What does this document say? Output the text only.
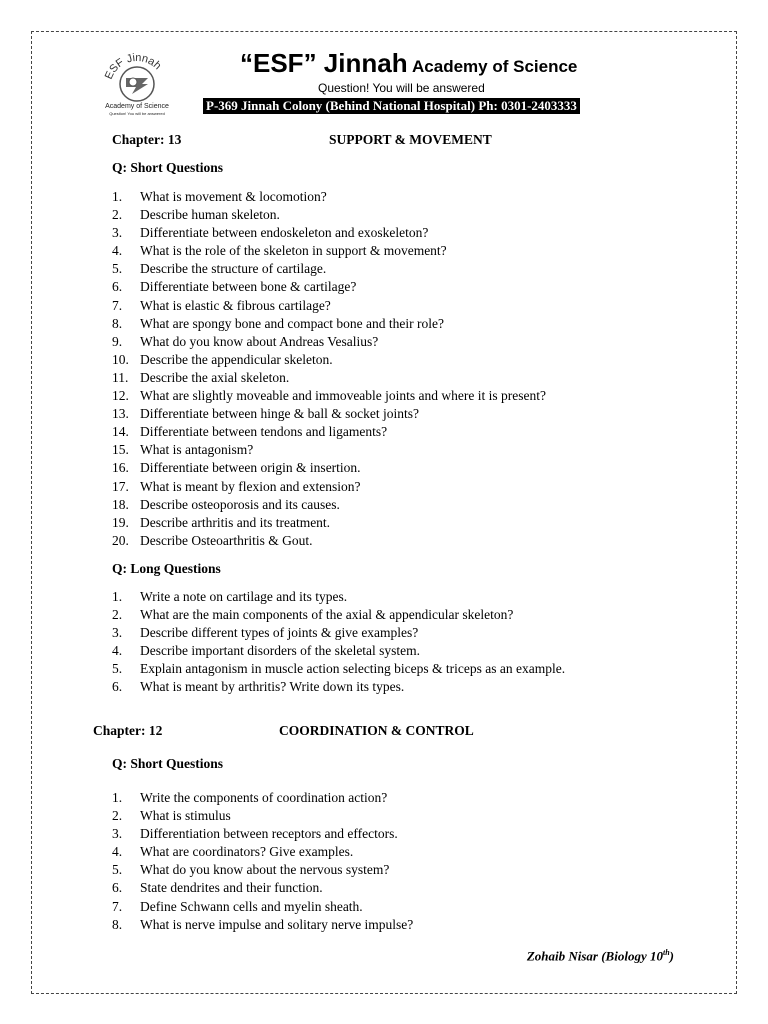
ESF Jinnah
Academy of Science
Question! You will be answered
“ESF” Jinnah Academy of Science
Question! You will be answered
P-369 Jinnah Colony (Behind National Hospital) Ph: 0301-2403333
Chapter: 13	SUPPORT & MOVEMENT
Q: Short Questions
1. What is movement & locomotion?
2. Describe human skeleton.
3. Differentiate between endoskeleton and exoskeleton?
4. What is the role of the skeleton in support & movement?
5. Describe the structure of cartilage.
6. Differentiate between bone & cartilage?
7. What is elastic & fibrous cartilage?
8. What are spongy bone and compact bone and their role?
9. What do you know about Andreas Vesalius?
10. Describe the appendicular skeleton.
11. Describe the axial skeleton.
12. What are slightly moveable and immoveable joints and where it is present?
13. Differentiate between hinge & ball & socket joints?
14. Differentiate between tendons and ligaments?
15. What is antagonism?
16. Differentiate between origin & insertion.
17. What is meant by flexion and extension?
18. Describe osteoporosis and its causes.
19. Describe arthritis and its treatment.
20. Describe Osteoarthritis & Gout.
Q: Long Questions
1. Write a note on cartilage and its types.
2. What are the main components of the axial & appendicular skeleton?
3. Describe different types of joints & give examples?
4. Describe important disorders of the skeletal system.
5. Explain antagonism in muscle action selecting biceps & triceps as an example.
6. What is meant by arthritis? Write down its types.
Chapter: 12	COORDINATION & CONTROL
Q: Short Questions
1. Write the components of coordination action?
2. What is stimulus
3. Differentiation between receptors and effectors.
4. What are coordinators? Give examples.
5. What do you know about the nervous system?
6. State dendrites and their function.
7. Define Schwann cells and myelin sheath.
8. What is nerve impulse and solitary nerve impulse?
Zohaib Nisar (Biology 10th)
